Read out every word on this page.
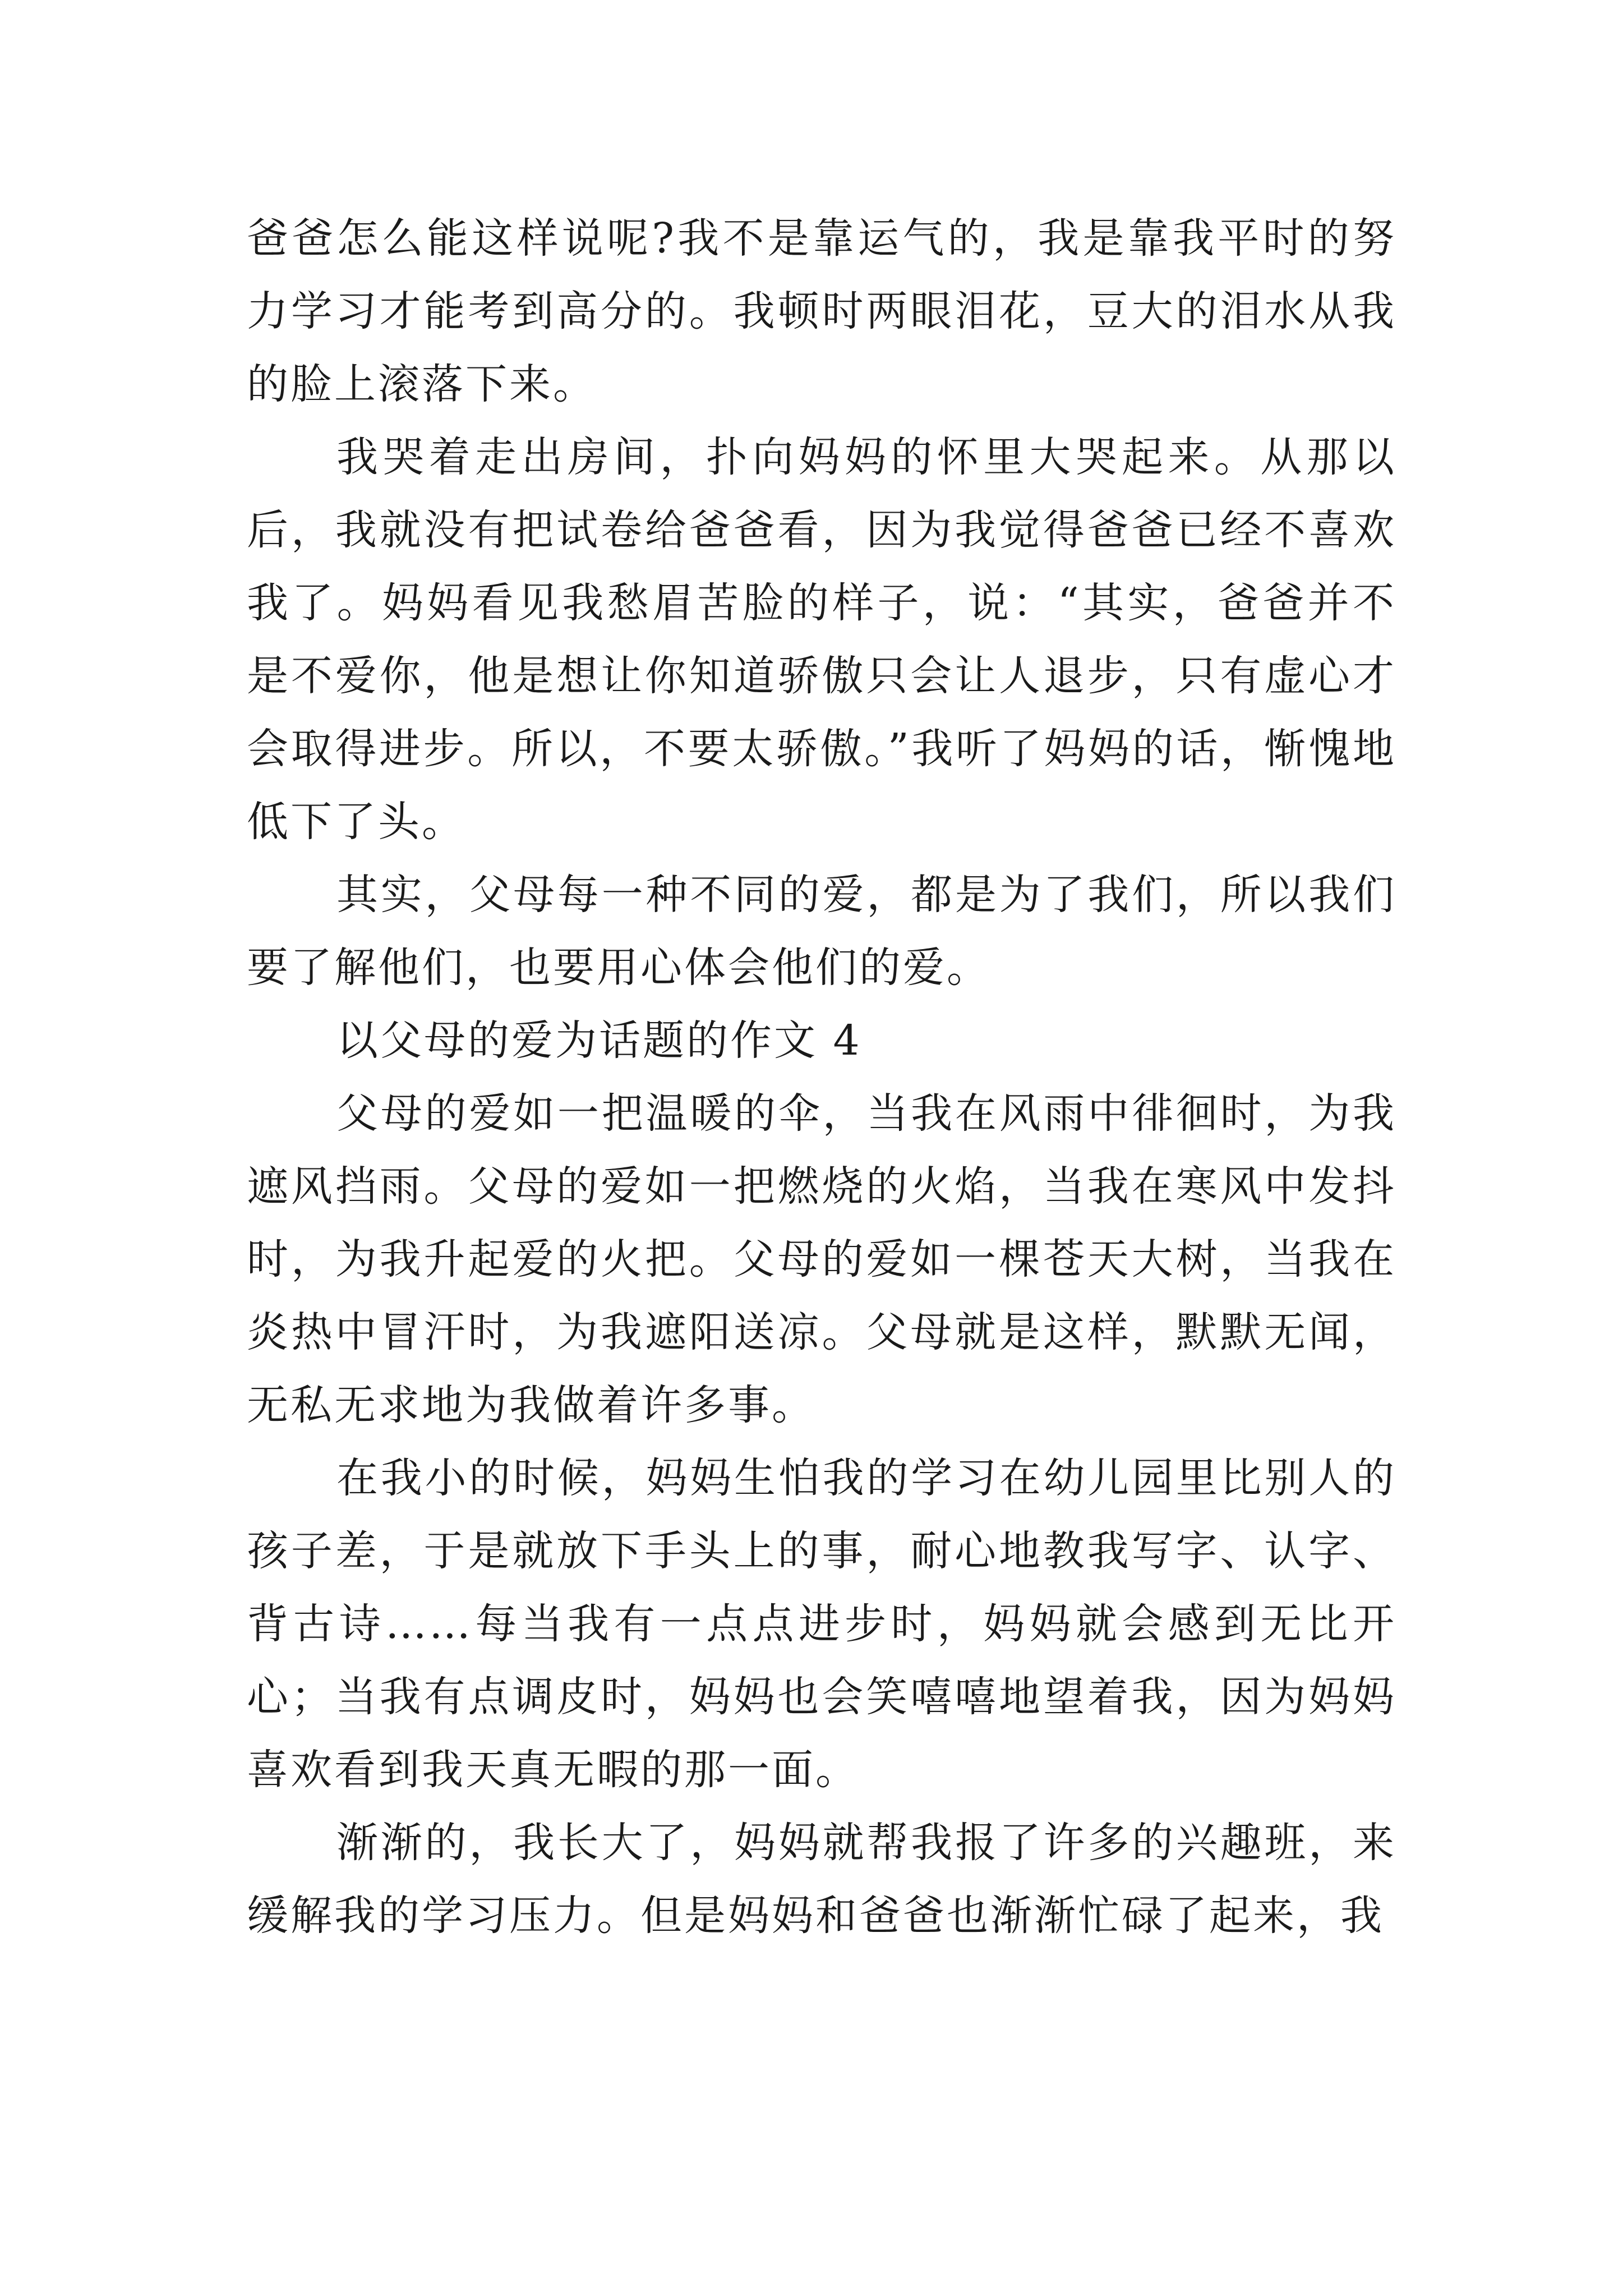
爸爸怎么能这样说呢?我不是靠运气的，我是靠我平时的努力学习才能考到高分的。我顿时两眼泪花，豆大的泪水从我的脸上滚落下来。

我哭着走出房间，扑向妈妈的怀里大哭起来。从那以后，我就没有把试卷给爸爸看，因为我觉得爸爸已经不喜欢我了。妈妈看见我愁眉苦脸的样子，说：“其实，爸爸并不是不爱你，他是想让你知道骄傲只会让人退步，只有虚心才会取得进步。所以，不要太骄傲。”我听了妈妈的话，惭愧地低下了头。

其实，父母每一种不同的爱，都是为了我们，所以我们要了解他们，也要用心体会他们的爱。

以父母的爱为话题的作文 4

父母的爱如一把温暖的伞，当我在风雨中徘徊时，为我遮风挡雨。父母的爱如一把燃烧的火焰，当我在寒风中发抖时，为我升起爱的火把。父母的爱如一棵苍天大树，当我在炎热中冒汗时，为我遮阳送凉。父母就是这样，默默无闻，无私无求地为我做着许多事。

在我小的时候，妈妈生怕我的学习在幼儿园里比别人的孩子差，于是就放下手头上的事，耐心地教我写字、认字、背古诗……每当我有一点点进步时，妈妈就会感到无比开心；当我有点调皮时，妈妈也会笑嘻嘻地望着我，因为妈妈喜欢看到我天真无暇的那一面。

渐渐的，我长大了，妈妈就帮我报了许多的兴趣班，来缓解我的学习压力。但是妈妈和爸爸也渐渐忙碌了起来，我
